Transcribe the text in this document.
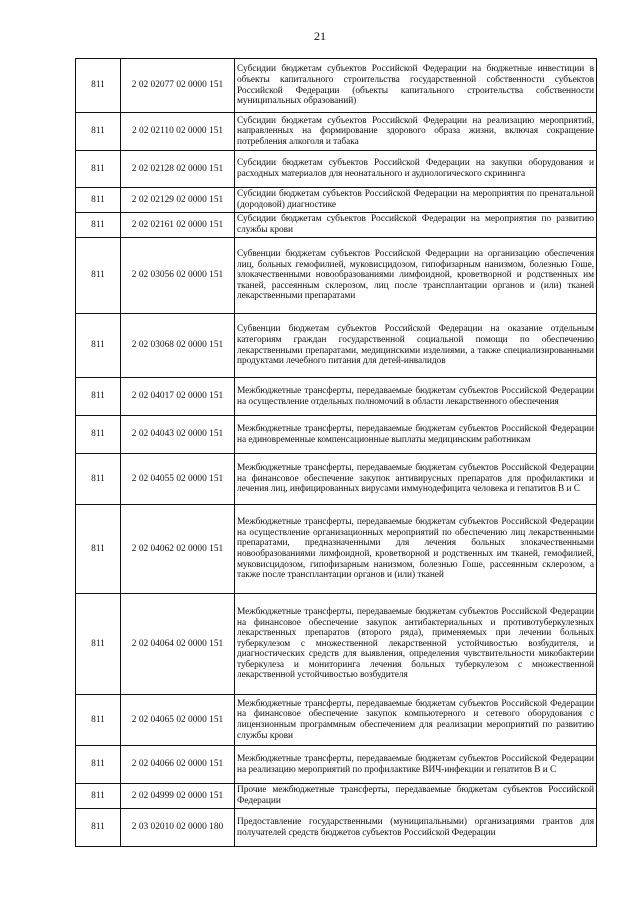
21
811	2 02 02077 02 0000 151	Субсидии бюджетам субъектов Российской Федерации на бюджетные инвестиции в объекты капитального строительства государственной собственности субъектов Российской Федерации (объекты капитального строительства собственности муниципальных образований)
811	2 02 02110 02 0000 151	Субсидии бюджетам субъектов Российской Федерации на реализацию мероприятий, направленных на формирование здорового образа жизни, включая сокращение потребления алкоголя и табака
811	2 02 02128 02 0000 151	Субсидии бюджетам субъектов Российской Федерации на закупки оборудования и расходных материалов для неонатального и аудиологического скрининга
811	2 02 02129 02 0000 151	Субсидии бюджетам субъектов Российской Федерации на мероприятия по пренатальной (дородовой) диагностике
811	2 02 02161 02 0000 151	Субсидии бюджетам субъектов Российской Федерации на мероприятия по развитию службы крови
811	2 02 03056 02 0000 151	Субвенции бюджетам субъектов Российской Федерации на организацию обеспечения лиц, больных гемофилией, муковисцидозом, гипофизарным нанизмом, болезнью Гоше, злокачественными новообразованиями лимфоидной, кроветворной и родственных им тканей, рассеянным склерозом, лиц после трансплантации органов и (или) тканей лекарственными препаратами
811	2 02 03068 02 0000 151	Субвенции бюджетам субъектов Российской Федерации на оказание отдельным категориям граждан государственной социальной помощи по обеспечению лекарственными препаратами, медицинскими изделиями, а также специализированными продуктами лечебного питания для детей-инвалидов
811	2 02 04017 02 0000 151	Межбюджетные трансферты, передаваемые бюджетам субъектов Российской Федерации на осуществление отдельных полномочий в области лекарственного обеспечения
811	2 02 04043 02 0000 151	Межбюджетные трансферты, передаваемые бюджетам субъектов Российской Федерации на единовременные компенсационные выплаты медицинским работникам
811	2 02 04055 02 0000 151	Межбюджетные трансферты, передаваемые бюджетам субъектов Российской Федерации на финансовое обеспечение закупок антивирусных препаратов для профилактики и лечения лиц, инфицированных вирусами иммунодефицита человека и гепатитов В и С
811	2 02 04062 02 0000 151	Межбюджетные трансферты, передаваемые бюджетам субъектов Российской Федерации на осуществление организационных мероприятий по обеспечению лиц лекарственными препаратами, предназначенными для лечения больных злокачественными новообразованиями лимфоидной, кроветворной и родственных им тканей, гемофилией, муковисцидозом, гипофизарным нанизмом, болезнью Гоше, рассеянным склерозом, а также после трансплантации органов и (или) тканей
811	2 02 04064 02 0000 151	Межбюджетные трансферты, передаваемые бюджетам субъектов Российской Федерации на финансовое обеспечение закупок антибактериальных и противотуберкулезных лекарственных препаратов (второго ряда), применяемых при лечении больных туберкулезом с множественной лекарственной устойчивостью возбудителя, и диагностических средств для выявления, определения чувствительности микобактерии туберкулеза и мониторинга лечения больных туберкулезом с множественной лекарственной устойчивостью возбудителя
811	2 02 04065 02 0000 151	Межбюджетные трансферты, передаваемые бюджетам субъектов Российской Федерации на финансовое обеспечение закупок компьютерного и сетевого оборудования с лицензионным программным обеспечением для реализации мероприятий по развитию службы крови
811	2 02 04066 02 0000 151	Межбюджетные трансферты, передаваемые бюджетам субъектов Российской Федерации на реализацию мероприятий по профилактике ВИЧ-инфекции и гепатитов В и С
811	2 02 04999 02 0000 151	Прочие межбюджетные трансферты, передаваемые бюджетам субъектов Российской Федерации
811	2 03 02010 02 0000 180	Предоставление государственными (муниципальными) организациями грантов для получателей средств бюджетов субъектов Российской Федерации
